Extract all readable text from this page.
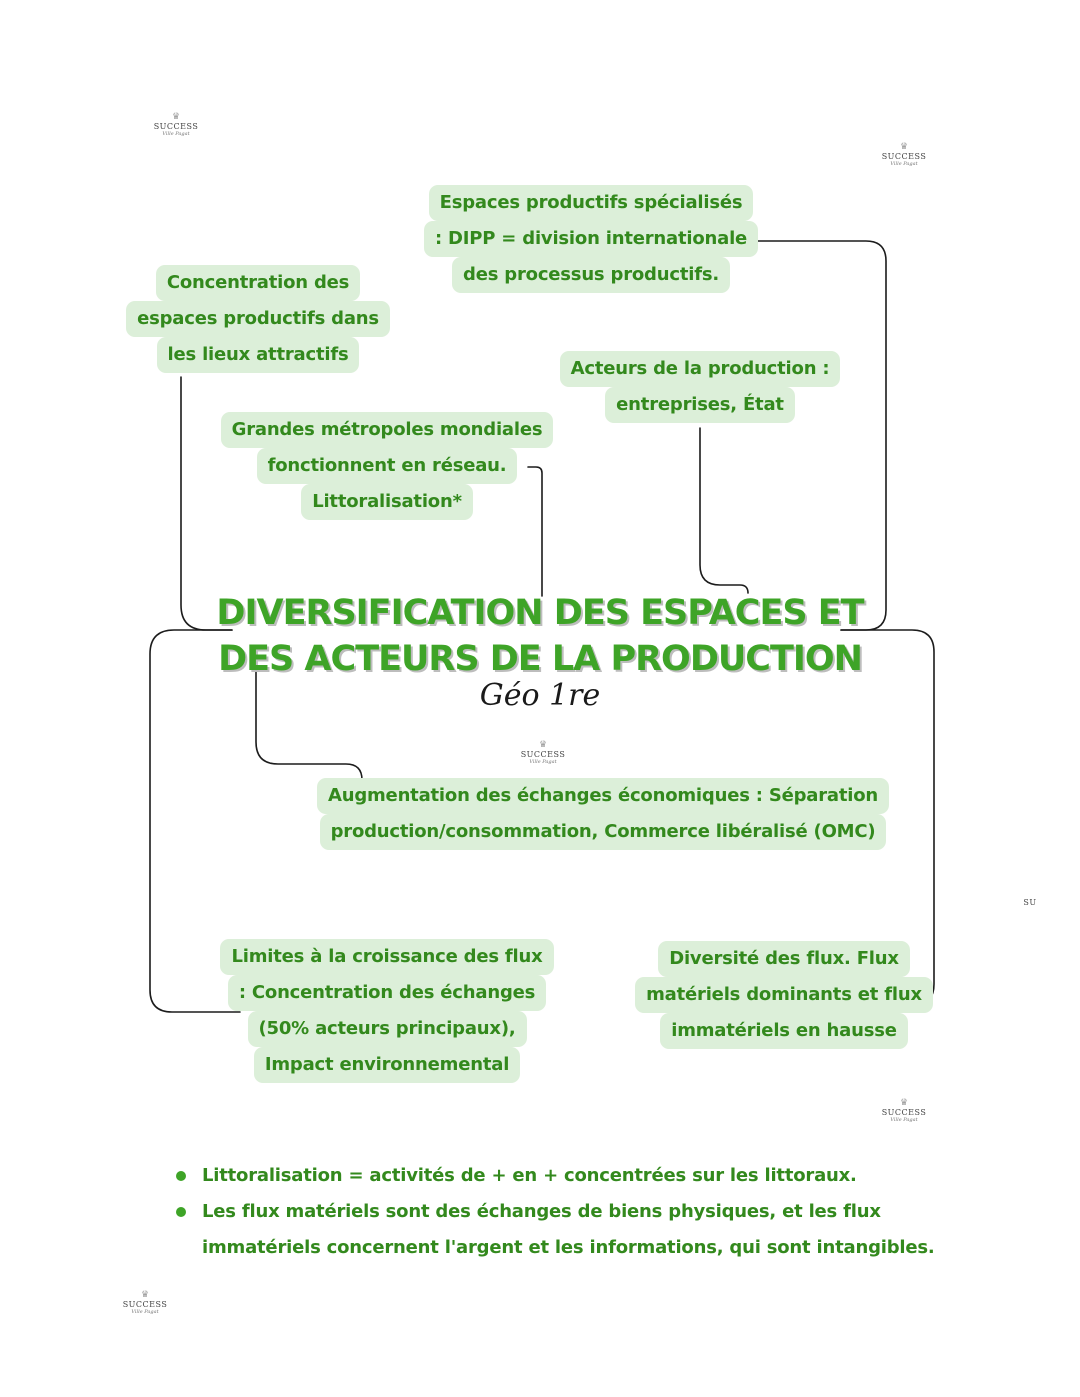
Espaces productifs spécialisés
: DIPP = division internationale
des processus productifs.
Concentration des
espaces productifs dans
les lieux attractifs
Acteurs de la production :
entreprises, État
Grandes métropoles mondiales
fonctionnent en réseau.
Littoralisation*
DIVERSIFICATION DES ESPACES ET
DES ACTEURS DE LA PRODUCTION
Géo 1re
Augmentation des échanges économiques : Séparation
production/consommation, Commerce libéralisé (OMC)
Limites à la croissance des flux
: Concentration des échanges
(50% acteurs principaux),
Impact environnemental
Diversité des flux. Flux
matériels dominants et flux
immatériels en hausse
Littoralisation = activités de + en + concentrées sur les littoraux.
Les flux matériels sont des échanges de biens physiques, et les flux immatériels concernent l'argent et les informations, qui sont intangibles.
♛
SUCCESS
Ville Pagat
♛
SUCCESS
Ville Pagat
♛
SUCCESS
Ville Pagat
SU
♛
SUCCESS
Ville Pagat
♛
SUCCESS
Ville Pagat
